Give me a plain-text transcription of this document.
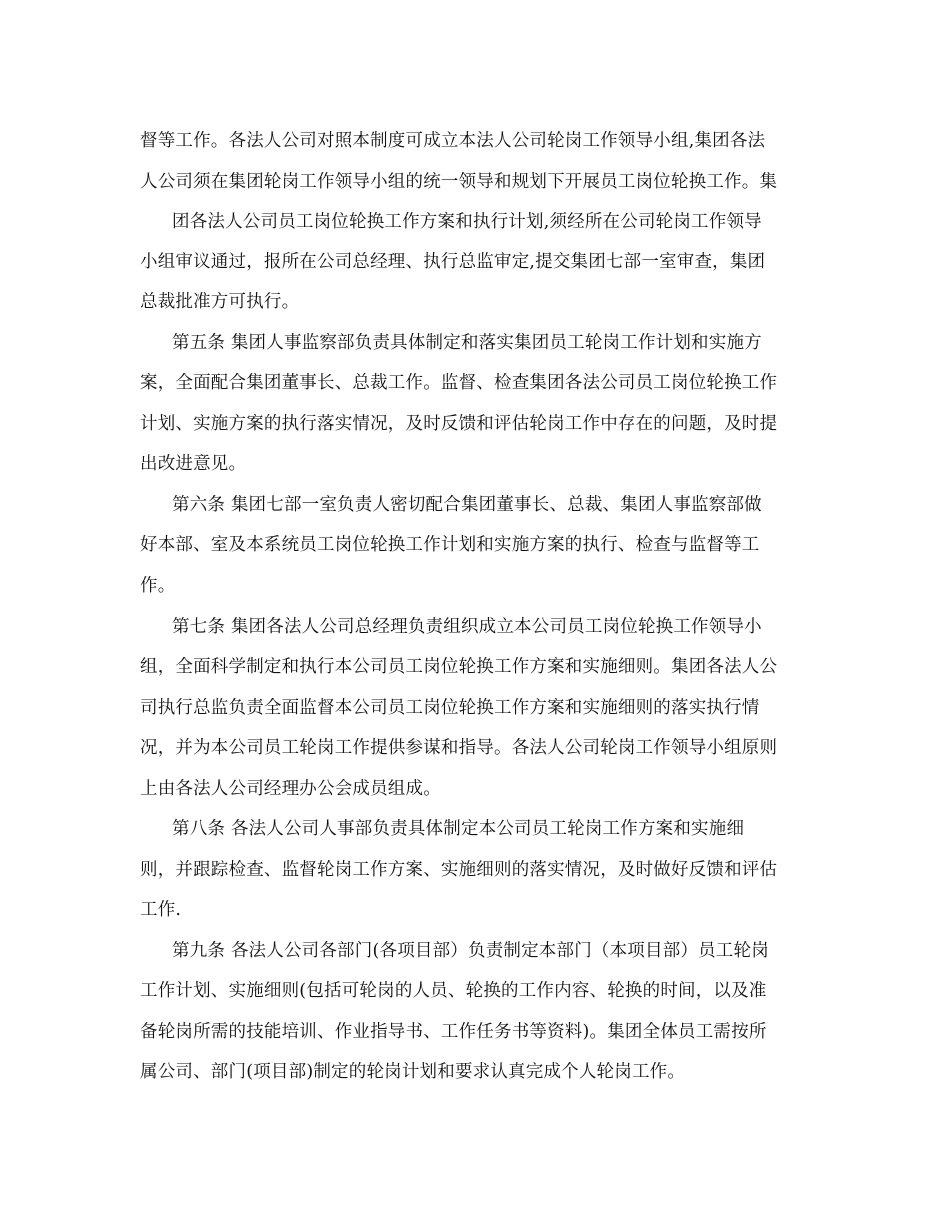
督等工作。各法人公司对照本制度可成立本法人公司轮岗工作领导小组,集团各法
人公司须在集团轮岗工作领导小组的统一领导和规划下开展员工岗位轮换工作。集
团各法人公司员工岗位轮换工作方案和执行计划,须经所在公司轮岗工作领导
小组审议通过，报所在公司总经理、执行总监审定,提交集团七部一室审查，集团
总裁批准方可执行。
第五条 集团人事监察部负责具体制定和落实集团员工轮岗工作计划和实施方
案，全面配合集团董事长、总裁工作。监督、检查集团各法公司员工岗位轮换工作
计划、实施方案的执行落实情况，及时反馈和评估轮岗工作中存在的问题，及时提
出改进意见。
第六条 集团七部一室负责人密切配合集团董事长、总裁、集团人事监察部做
好本部、室及本系统员工岗位轮换工作计划和实施方案的执行、检查与监督等工
作。
第七条 集团各法人公司总经理负责组织成立本公司员工岗位轮换工作领导小
组，全面科学制定和执行本公司员工岗位轮换工作方案和实施细则。集团各法人公
司执行总监负责全面监督本公司员工岗位轮换工作方案和实施细则的落实执行情
况，并为本公司员工轮岗工作提供参谋和指导。各法人公司轮岗工作领导小组原则
上由各法人公司经理办公会成员组成。
第八条 各法人公司人事部负责具体制定本公司员工轮岗工作方案和实施细
则，并跟踪检查、监督轮岗工作方案、实施细则的落实情况，及时做好反馈和评估
工作.
第九条 各法人公司各部门(各项目部）负责制定本部门（本项目部）员工轮岗
工作计划、实施细则(包括可轮岗的人员、轮换的工作内容、轮换的时间，以及准
备轮岗所需的技能培训、作业指导书、工作任务书等资料)。集团全体员工需按所
属公司、部门(项目部)制定的轮岗计划和要求认真完成个人轮岗工作。
